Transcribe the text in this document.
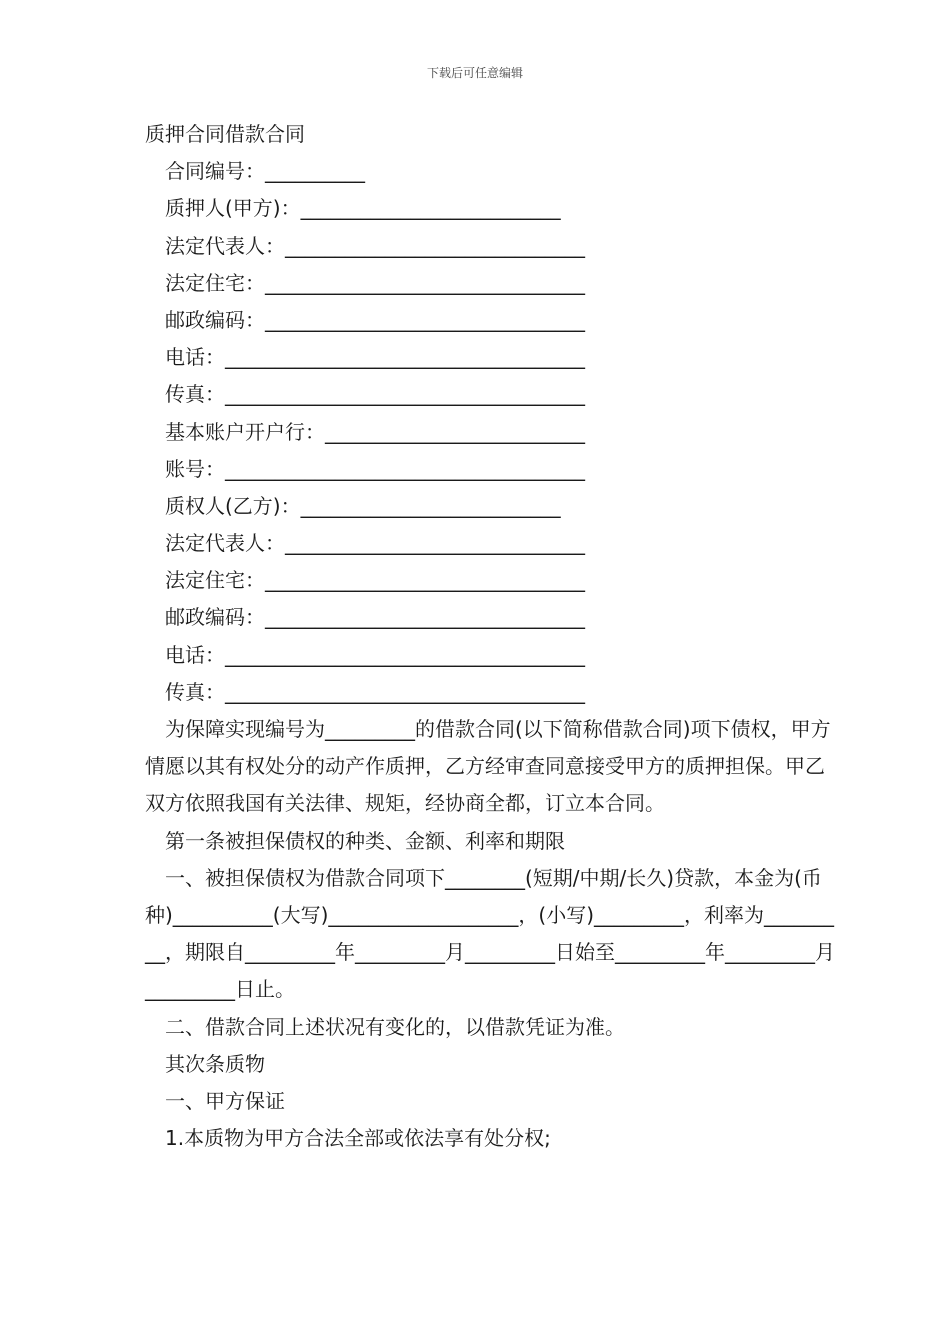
下载后可任意编辑
质押合同借款合同
合同编号：__________
质押人(甲方)：__________________________
法定代表人：______________________________
法定住宅：________________________________
邮政编码：________________________________
电话：____________________________________
传真：____________________________________
基本账户开户行：__________________________
账号：____________________________________
质权人(乙方)：__________________________
法定代表人：______________________________
法定住宅：________________________________
邮政编码：________________________________
电话：____________________________________
传真：____________________________________
为保障实现编号为_________的借款合同(以下简称借款合同)项下债权，甲方情愿以其有权处分的动产作质押，乙方经审查同意接受甲方的质押担保。甲乙双方依照我国有关法律、规矩，经协商全都，订立本合同。
第一条被担保债权的种类、金额、利率和期限
一、被担保债权为借款合同项下________(短期/中期/长久)贷款，本金为(币种)__________(大写)___________________，(小写)_________，利率为_________，期限自_________年_________月_________日始至_________年_________月_________日止。
二、借款合同上述状况有变化的，以借款凭证为准。
其次条质物
一、甲方保证
1.本质物为甲方合法全部或依法享有处分权;
